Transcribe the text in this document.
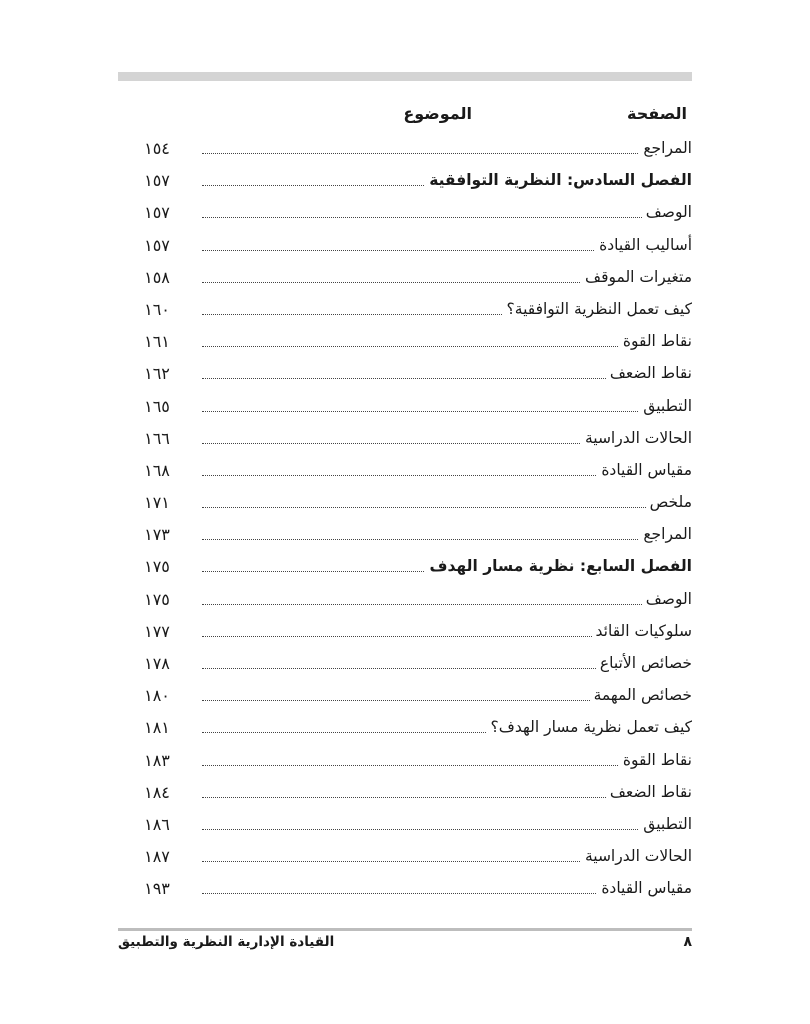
الموضوع	الصفحة
المراجع
١٥٤
الفصل السادس: النظرية التوافقية
١٥٧
الوصف
١٥٧
أساليب القيادة
١٥٧
متغيرات الموقف
١٥٨
كيف تعمل النظرية التوافقية؟
١٦٠
نقاط القوة
١٦١
نقاط الضعف
١٦٢
التطبيق
١٦٥
الحالات الدراسية
١٦٦
مقياس القيادة
١٦٨
ملخص
١٧١
المراجع
١٧٣
الفصل السابع: نظرية مسار الهدف
١٧٥
الوصف
١٧٥
سلوكيات القائد
١٧٧
خصائص الأتباع
١٧٨
خصائص المهمة
١٨٠
كيف تعمل نظرية مسار الهدف؟
١٨١
نقاط القوة
١٨٣
نقاط الضعف
١٨٤
التطبيق
١٨٦
الحالات الدراسية
١٨٧
مقياس القيادة
١٩٣
القيادة الإدارية النظرية والتطبيق	٨
